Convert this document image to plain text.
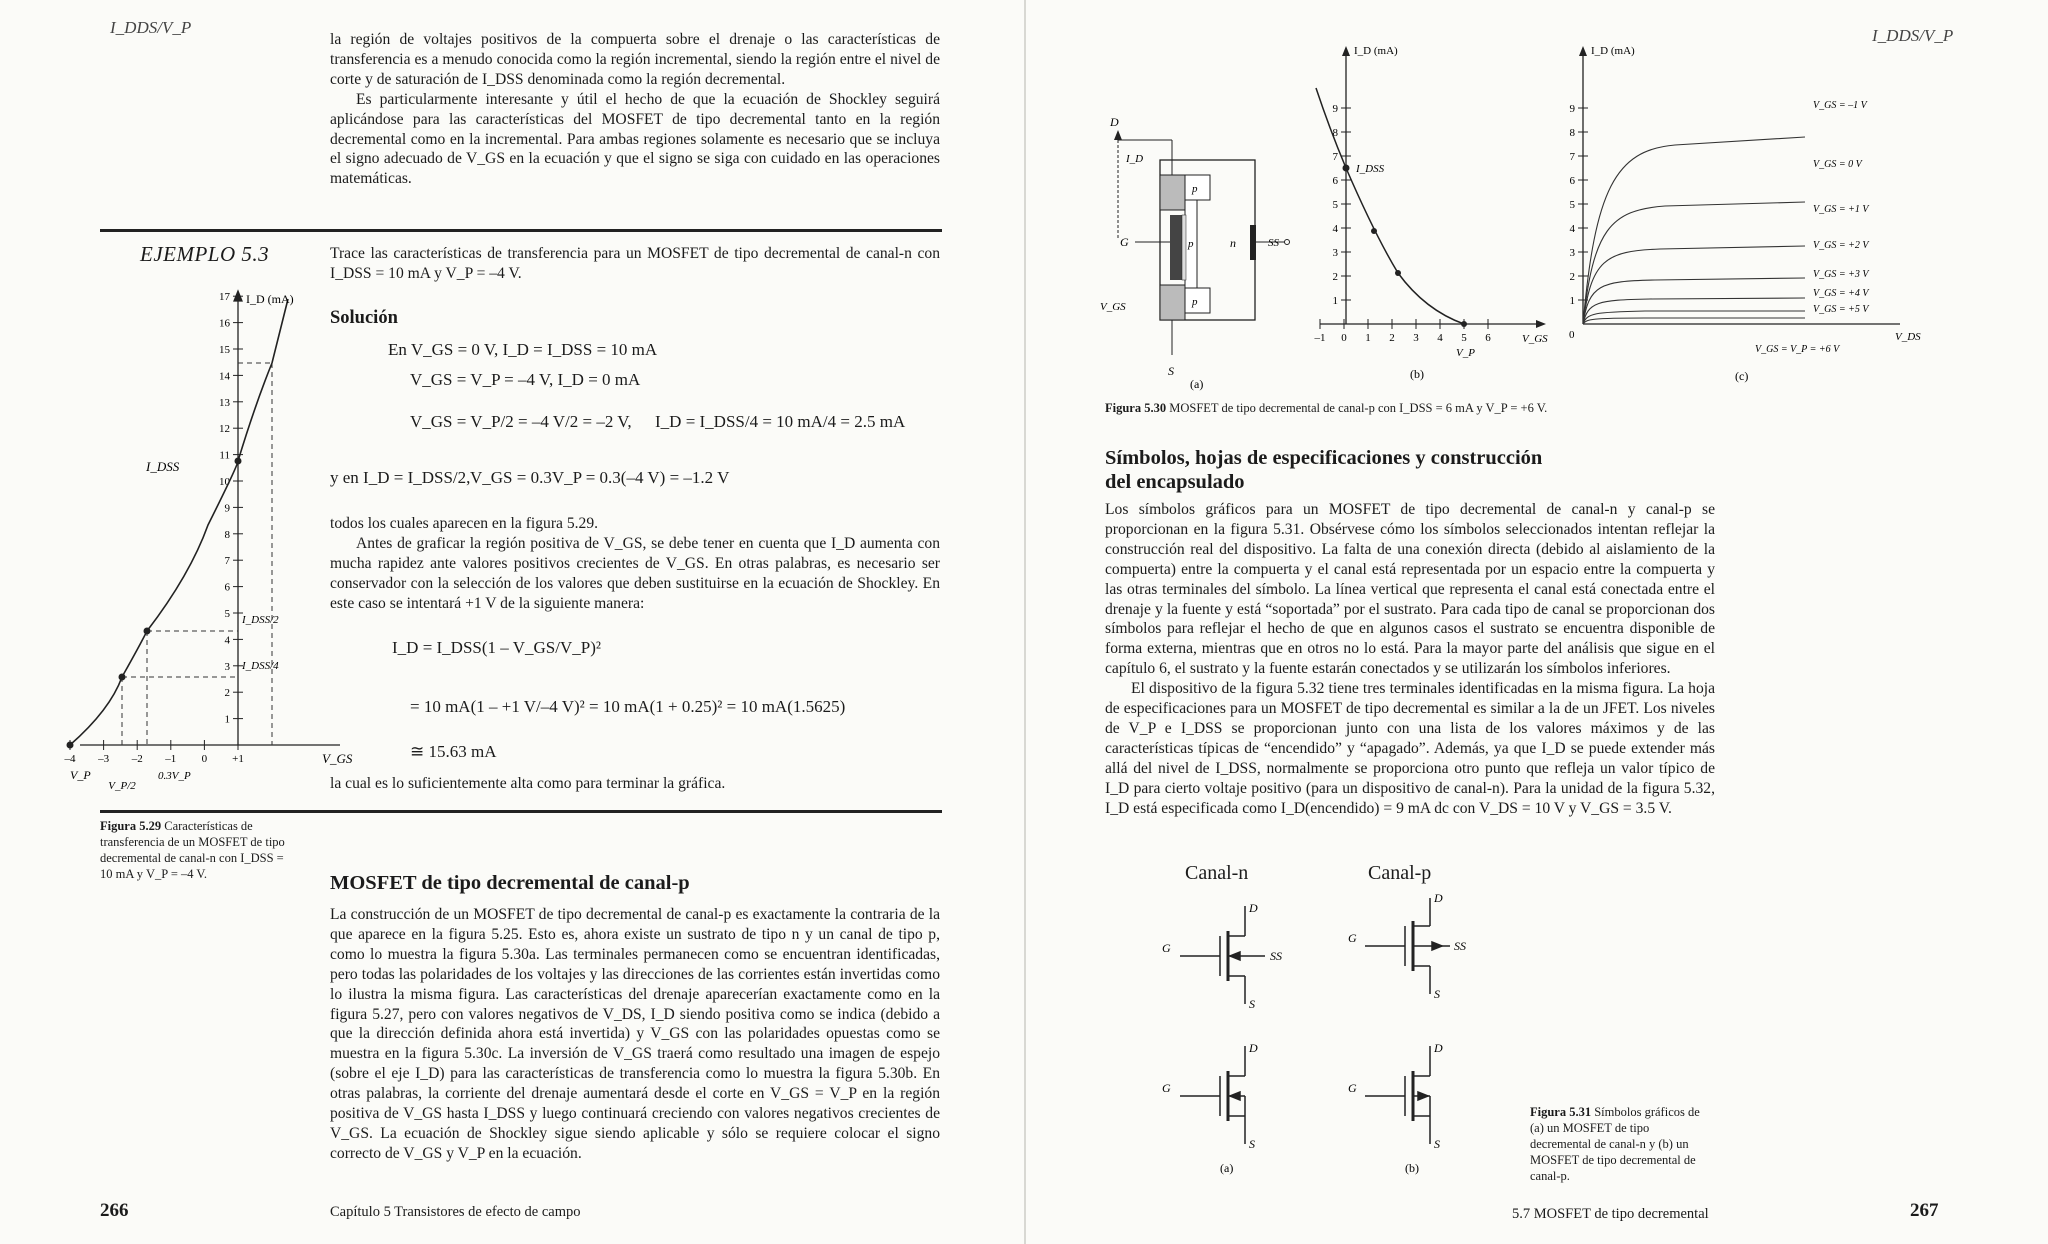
I_DDS/V_P

la región de voltajes positivos de la compuerta sobre el drenaje o las características de transferencia es a menudo conocida como la región incremental, siendo la región entre el nivel de corte y de saturación de I_DSS denominada como la región decremental.

Es particularmente interesante y útil el hecho de que la ecuación de Shockley seguirá aplicándose para las características del MOSFET de tipo decremental tanto en la región decremental como en la incremental. Para ambas regiones solamente es necesario que se incluya el signo adecuado de V_GS en la ecuación y que el signo se siga con cuidado en las operaciones matemáticas.

EJEMPLO 5.3	Trace las características de transferencia para un MOSFET de tipo decremental de canal-n con I_DSS = 10 mA y V_P = –4 V.
Solución
En V_GS = 0 V, I_D = I_DSS = 10 mA
V_GS = V_P = –4 V, I_D = 0 mA
V_GS = V_P/2 = –4 V/2 = –2 V, I_D = I_DSS/4 = 10 mA/4 = 2.5 mA
y en I_D = I_DSS/2, V_GS = 0.3V_P = 0.3(–4 V) = –1.2 V

todos los cuales aparecen en la figura 5.29.

Antes de graficar la región positiva de V_GS, se debe tener en cuenta que I_D aumenta con mucha rapidez ante valores positivos crecientes de V_GS. En otras palabras, es necesario ser conservador con la selección de los valores que deben sustituirse en la ecuación de Shockley. En este caso se intentará +1 V de la siguiente manera:

I_D = I_DSS(1 – V_GS/V_P)²
= 10 mA(1 – +1 V/–4 V)² = 10 mA(1 + 0.25)² = 10 mA(1.5625)
≅ 15.63 mA
la cual es lo suficientemente alta como para terminar la gráfica.
1
2
3
4
5
6
7
8
9
10
11
12
13
14
15
16
17
–4 –3 –2 –1 0 +1
I_D (mA)
V_GS
I_DSS
I_DSS/2
I_DSS/4
V_P
V_P/2
0.3V_P
Figura 5.29 Características de transferencia de un MOSFET de tipo decremental de canal-n con I_DSS = 10 mA y V_P = –4 V.	MOSFET de tipo decremental de canal-p
La construcción de un MOSFET de tipo decremental de canal-p es exactamente la contraria de la que aparece en la figura 5.25. Esto es, ahora existe un sustrato de tipo n y un canal de tipo p, como lo muestra la figura 5.30a. Las terminales permanecen como se encuentran identificadas, pero todas las polaridades de los voltajes y las direcciones de las corrientes están invertidas como lo ilustra la misma figura. Las características del drenaje aparecerían exactamente como en la figura 5.27, pero con valores negativos de V_DS, I_D siendo positiva como se indica (debido a que la dirección definida ahora está invertida) y V_GS con las polaridades opuestas como se muestra en la figura 5.30c. La inversión de V_GS traerá como resultado una imagen de espejo (sobre el eje I_D) para las características de transferencia como lo muestra la figura 5.30b. En otras palabras, la corriente del drenaje aumentará desde el corte en V_GS = V_P en la región positiva de V_GS hasta I_DSS y luego continuará creciendo con valores negativos crecientes de V_GS. La ecuación de Shockley sigue siendo aplicable y sólo se requiere colocar el signo correcto de V_GS y V_P en la ecuación.
266	Capítulo 5 Transistores de efecto de campo
I_DDS/V_P
D
G
S
SS
I_D
V_GS
p
n
p
p
(a)
1
2
3
4
5
6
7
8
9
–1 0 1 2 3 4 5 6
I_D (mA)
I_DSS
V_P
V_GS
(b)
1
2
3
4
5
6
7
8
9
I_D (mA)
0	V_DS
V_GS = –1 V
V_GS = 0 V
V_GS = +1 V
V_GS = +2 V
V_GS = +3 V
V_GS = +4 V
V_GS = +5 V
V_GS = V_P = +6 V
(c)
Figura 5.30 MOSFET de tipo decremental de canal-p con I_DSS = 6 mA y V_P = +6 V.
Símbolos, hojas de especificaciones y construcción
del encapsulado

Los símbolos gráficos para un MOSFET de tipo decremental de canal-n y canal-p se proporcionan en la figura 5.31. Obsérvese cómo los símbolos seleccionados intentan reflejar la construcción real del dispositivo. La falta de una conexión directa (debido al aislamiento de la compuerta) entre la compuerta y el canal está representada por un espacio entre la compuerta y las otras terminales del símbolo. La línea vertical que representa el canal está conectada entre el drenaje y la fuente y está “soportada” por el sustrato. Para cada tipo de canal se proporcionan dos símbolos para reflejar el hecho de que en algunos casos el sustrato se encuentra disponible de forma externa, mientras que en otros no lo está. Para la mayor parte del análisis que sigue en el capítulo 6, el sustrato y la fuente estarán conectados y se utilizarán los símbolos inferiores.

El dispositivo de la figura 5.32 tiene tres terminales identificadas en la misma figura. La hoja de especificaciones para un MOSFET de tipo decremental es similar a la de un JFET. Los niveles de V_P e I_DSS se proporcionan junto con una lista de los valores máximos y de las características típicas de “encendido” y “apagado”. Además, ya que I_D se puede extender más allá del nivel de I_DSS, normalmente se proporciona otro punto que refleja un valor típico de I_D para cierto voltaje positivo (para un dispositivo de canal-n). Para la unidad de la figura 5.32, I_D está especificada como I_D(encendido) = 9 mA dc con V_DS = 10 V y V_GS = 3.5 V.

Canal-n	Canal-p
D
G
S
SS
D
G
S
SS
D
G
S
D
G
S
(a)	(b)
Figura 5.31 Símbolos gráficos de (a) un MOSFET de tipo decremental de canal-n y (b) un MOSFET de tipo decremental de canal-p.
5.7 MOSFET de tipo decremental	267
